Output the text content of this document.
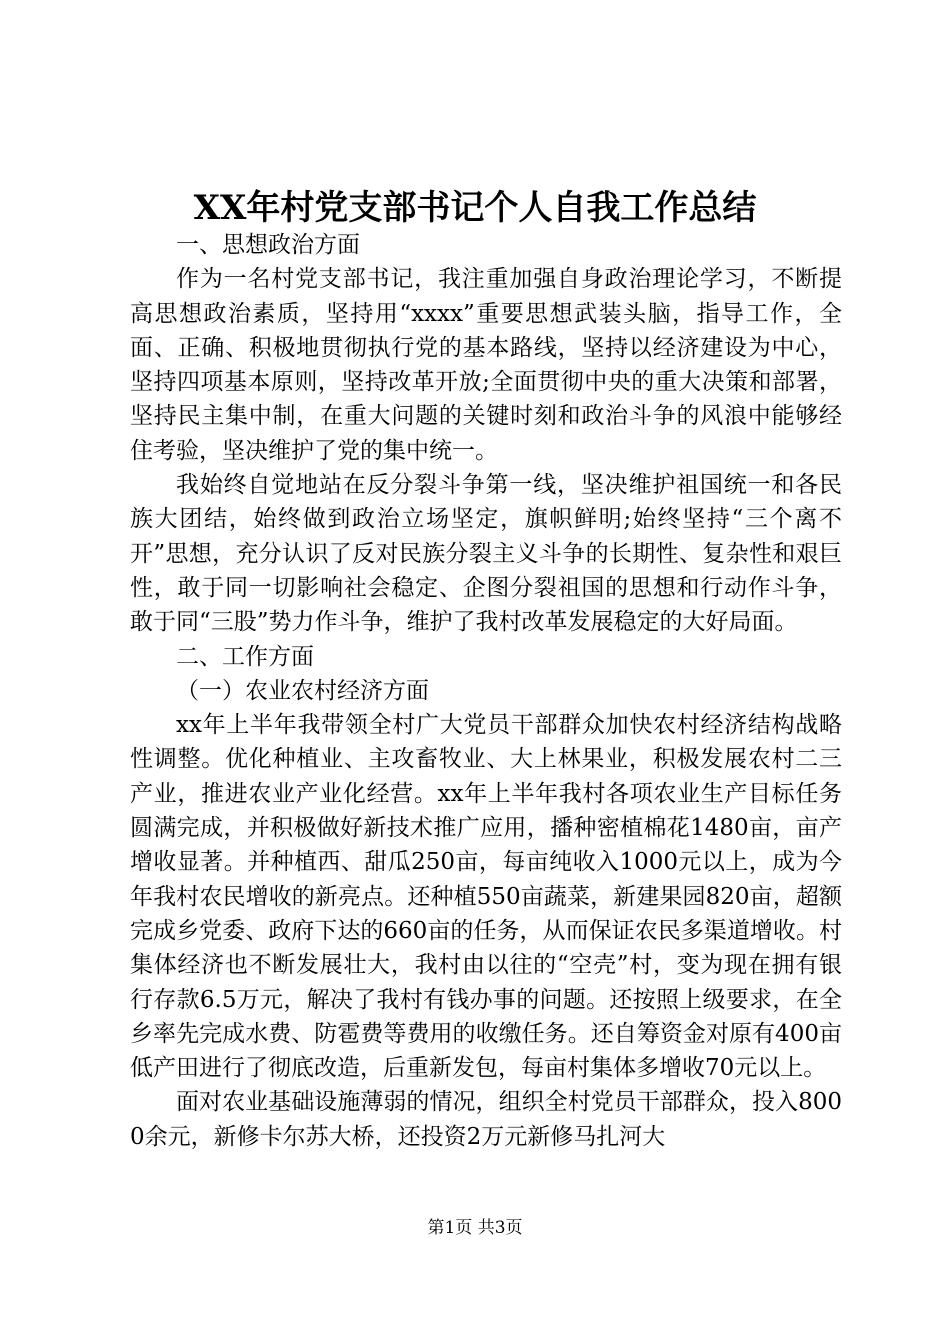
XX年村党支部书记个人自我工作总结

一、思想政治方面

作为一名村党支部书记，我注重加强自身政治理论学习，不断提高思想政治素质，坚持用“xxxx”重要思想武装头脑，指导工作，全面、正确、积极地贯彻执行党的基本路线，坚持以经济建设为中心，坚持四项基本原则，坚持改革开放;全面贯彻中央的重大决策和部署，坚持民主集中制，在重大问题的关键时刻和政治斗争的风浪中能够经住考验，坚决维护了党的集中统一。

我始终自觉地站在反分裂斗争第一线，坚决维护祖国统一和各民族大团结，始终做到政治立场坚定，旗帜鲜明;始终坚持“三个离不开”思想，充分认识了反对民族分裂主义斗争的长期性、复杂性和艰巨性，敢于同一切影响社会稳定、企图分裂祖国的思想和行动作斗争，敢于同“三股”势力作斗争，维护了我村改革发展稳定的大好局面。

二、工作方面

（一）农业农村经济方面

xx年上半年我带领全村广大党员干部群众加快农村经济结构战略性调整。优化种植业、主攻畜牧业、大上林果业，积极发展农村二三产业，推进农业产业化经营。xx年上半年我村各项农业生产目标任务圆满完成，并积极做好新技术推广应用，播种密植棉花1480亩，亩产增收显著。并种植西、甜瓜250亩，每亩纯收入1000元以上，成为今年我村农民增收的新亮点。还种植550亩蔬菜，新建果园820亩，超额完成乡党委、政府下达的660亩的任务，从而保证农民多渠道增收。村集体经济也不断发展壮大，我村由以往的“空壳”村，变为现在拥有银行存款6.5万元，解决了我村有钱办事的问题。还按照上级要求，在全乡率先完成水费、防雹费等费用的收缴任务。还自筹资金对原有400亩低产田进行了彻底改造，后重新发包，每亩村集体多增收70元以上。

面对农业基础设施薄弱的情况，组织全村党员干部群众，投入8000余元，新修卡尔苏大桥，还投资2万元新修马扎河大

第1页 共3页
